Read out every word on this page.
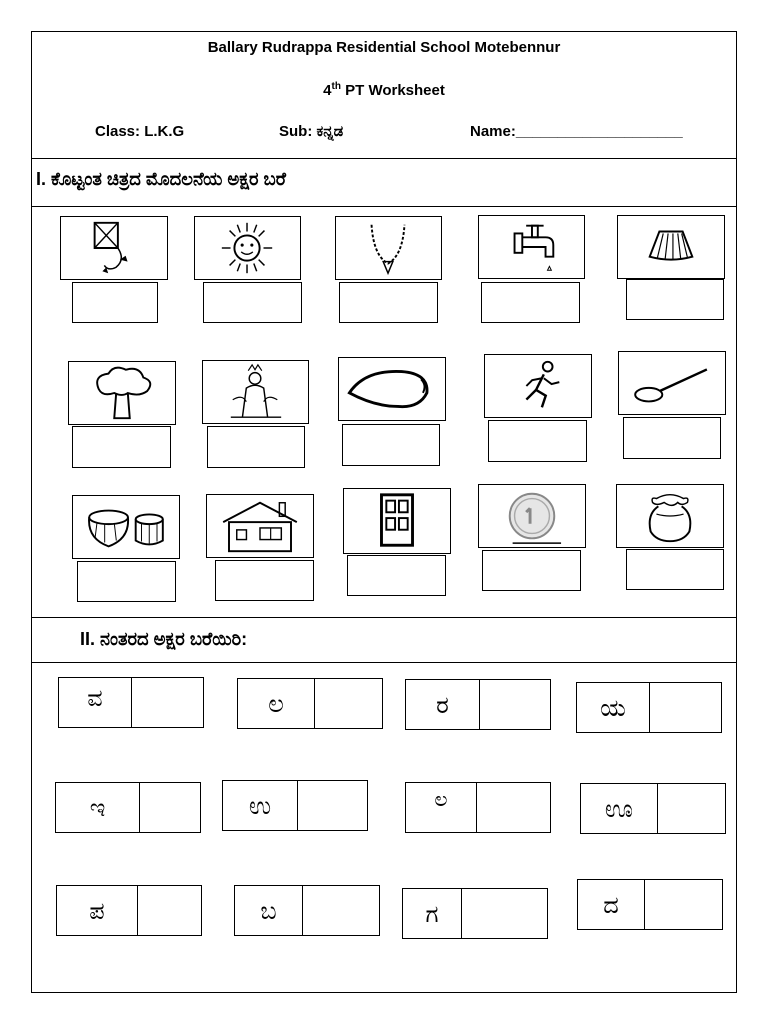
Ballary Rudrappa Residential School Motebennur
4th PT Worksheet
Class: L.K.G	Sub: ಕನ್ನಡ	Name:____________________
I. ಕೊಟ್ಟಂತ ಚಿತ್ರದ ಮೊದಲನೆಯ ಅಕ್ಷರ ಬರೆ
II. ನಂತರದ ಅಕ್ಷರ ಬರೆಯಿರಿ:
ವ	ಲ	ರ	ಯ
ಇ	ಉ	ಲ	ಊ
ಪ	ಬ	ಗ	ದ
